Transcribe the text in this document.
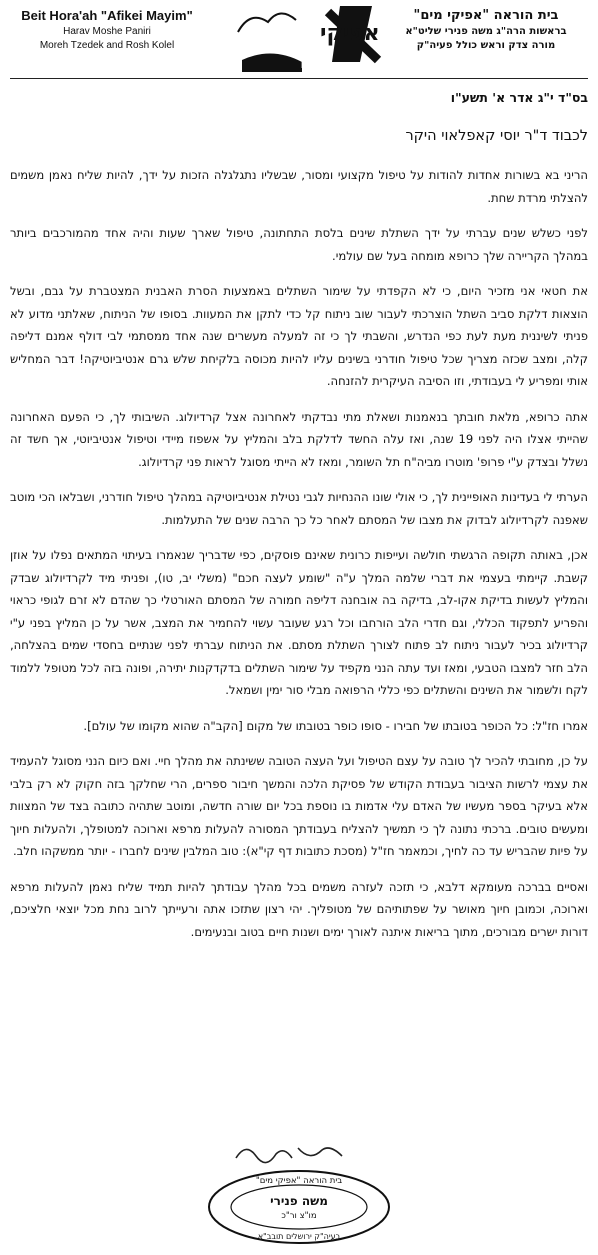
Beit Hora'ah "Afikei Mayim"
Harav Moshe Paniri
Moreh Tzedek and Rosh Kolel	אפיקי
מים
בית הוראה "אפיקי מים"
בראשות הרה"ג משה פנירי שליט"א
מורה צדק וראש כולל פעיה"ק
בס"ד י"ג אדר א' תשע"ו
לכבוד ד"ר יוסי קאפלאוי היקר

הריני בא בשורות אחדות להודות על טיפול מקצועי ומסור, שבשליו נתגלגלה הזכות על ידך, להיות שליח נאמן משמים להצלתי מרדת שחת.

לפני כשלש שנים עברתי על ידך השתלת שינים בלסת התחתונה, טיפול שארך שעות והיה אחד מהמורכבים ביותר במהלך הקריירה שלך כרופא מומחה בעל שם עולמי.

את חטאי אני מזכיר היום, כי לא הקפדתי על שימור השתלים באמצעות הסרת האבנית המצטברת על גבם, ובשל הוצאות דלקת סביב השתל הוצרכתי לעבור שוב ניתוח קל כדי לתקן את המעוות. בסופו של הניתוח, שאלתני מדוע לא פניתי לשיננית מעת לעת כפי הנדרש, והשבתי לך כי זה למעלה מעשרים שנה אחד ממסתמי לבי דולף אמנם דליפה קלה, ומצב שכזה מצריך שכל טיפול חודרני בשינים עליו להיות מכוסה בלקיחת שלש גרם אנטיביוטיקה! דבר המחליש אותי ומפריע לי בעבודתי, וזו הסיבה העיקרית להזנחה.

אתה כרופא, מלאת חובתך בנאמנות ושאלת מתי נבדקתי לאחרונה אצל קרדיולוג. השיבותי לך, כי הפעם האחרונה שהייתי אצלו היה לפני 19 שנה, ואז עלה החשד לדלקת בלב והמליץ על אשפוז מיידי וטיפול אנטיביוטי, אך חשד זה נשלל ובצדק ע"י פרופ' מוטרו מביה"ח תל השומר, ומאז לא הייתי מסוגל לראות פני קרדיולוג.

הערתי לי בעדינות האופיינית לך, כי אולי שונו ההנחיות לגבי נטילת אנטיביוטיקה במהלך טיפול חודרני, ושבלאו הכי מוטב שאפנה לקרדיולוג לבדוק את מצבו של המסתם לאחר כל כך הרבה שנים של התעלמות.

אכן, באותה תקופה הרגשתי חולשה ועייפות כרונית שאינם פוסקים, כפי שדבריך שנאמרו בעיתוי המתאים נפלו על אוזן קשבת. קיימתי בעצמי את דברי שלמה המלך ע"ה "שומע לעצה חכם" (משלי יב, טו), ופניתי מיד לקרדיולוג שבדק והמליץ לעשות בדיקת אקו-לב, בדיקה בה אובחנה דליפה חמורה של המסתם האורטלי כך שהדם לא זרם לגופי כראוי והפריע לתפקוד הכללי, וגם חדרי הלב הורחבו וכל רגע שעובר עשוי להחמיר את המצב, אשר על כן המליץ בפני ע"י קרדיולוג בכיר לעבור ניתוח לב פתוח לצורך השתלת מסתם. את הניתוח עברתי לפני שנתיים בחסדי שמים בהצלחה, הלב חזר למצבו הטבעי, ומאז ועד עתה הנני מקפיד על שימור השתלים בדקדקנות יתירה, ופונה בזה לכל מטופל ללמוד לקח ולשמור את השינים והשתלים כפי כללי הרפואה מבלי סור ימין ושמאל.

אמרו חז"ל: כל הכופר בטובתו של חבירו - סופו כופר בטובתו של מקום [הקב"ה שהוא מקומו של עולם].

על כן, מחובתי להכיר לך טובה על עצם הטיפול ועל העצה הטובה ששינתה את מהלך חיי. ואם כיום הנני מסוגל להעמיד את עצמי לרשות הציבור בעבודת הקודש של פסיקת הלכה והמשך חיבור ספרים, הרי שחלקך בזה חקוק לא רק בלבי אלא בעיקר בספר מעשיו של האדם עלי אדמות בו נוספת בכל יום שורה חדשה, ומוטב שתהיה כתובה בצד של המצוות ומעשים טובים. ברכתי נתונה לך כי תמשיך להצליח בעבודתך המסורה להעלות מרפא וארוכה למטופלך, ולהעלות חיוך על פיות שהבריש עד כה לחיך, וכמאמר חז"ל (מסכת כתובות דף קי"א): טוב המלבין שינים לחברו - יותר ממשקהו חלב.

ואסיים בברכה מעומקא דלבא, כי תזכה לעזרה משמים בכל מהלך עבודתך להיות תמיד שליח נאמן להעלות מרפא וארוכה, וכמובן חיוך מאושר על שפתותיהם של מטופליך. יהי רצון שתזכו אתה ורעייתך לרוב נחת מכל יוצאי חלציכם, דורות ישרים מבורכים, מתוך בריאות איתנה לאורך ימים ושנות חיים בטוב ובנעימים.

בית הוראה "אפיקי מים"
משה פנירי
מו"צ ור"כ
בעיה"ק ירושלים תובב"א
